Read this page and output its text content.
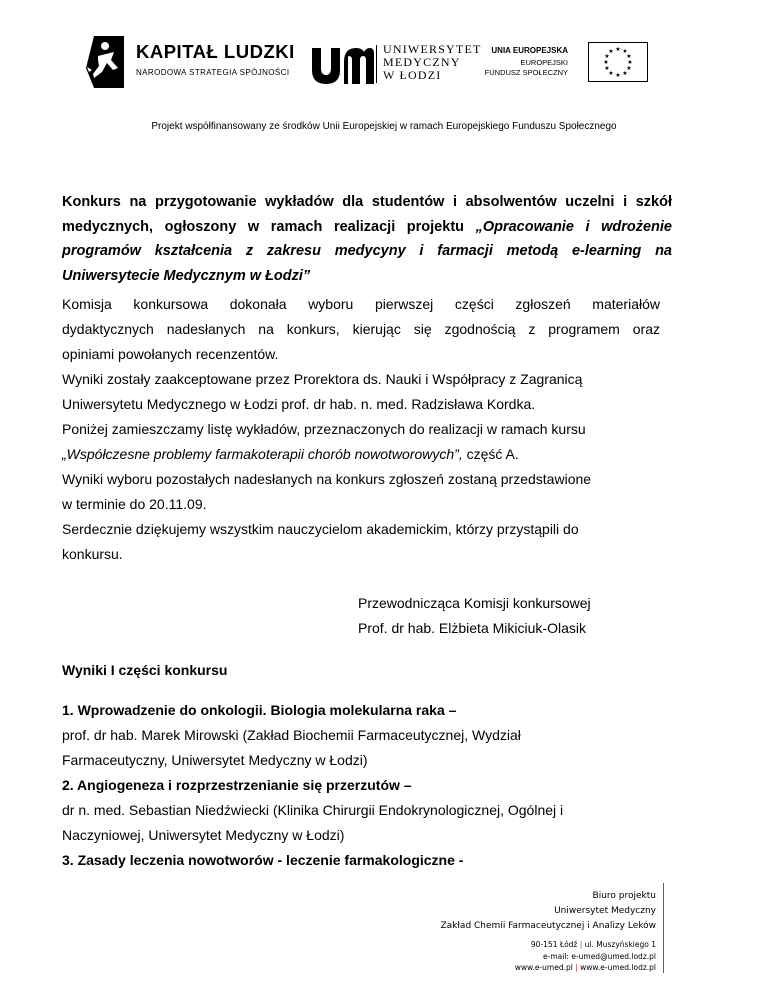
KAPITAŁ LUDZKI
NARODOWA STRATEGIA SPÓJNOŚCI
UNIWERSYTET
MEDYCZNY
W ŁODZI
UNIA EUROPEJSKA
EUROPEJSKI
FUNDUSZ SPOŁECZNY
★ ★
★
★
★
★
★
★
★
★
★
★
Projekt współfinansowany ze środków Unii Europejskiej w ramach Europejskiego Funduszu Społecznego
Konkurs na przygotowanie wykładów dla studentów i absolwentów uczelni i szkół medycznych, ogłoszony w ramach realizacji projektu „Opracowanie i wdrożenie programów kształcenia z zakresu medycyny i farmacji metodą e-learning na Uniwersytecie Medycznym w Łodzi”
Komisja konkursowa dokonała wyboru pierwszej części zgłoszeń materiałów
dydaktycznych nadesłanych na konkurs, kierując się zgodnością z programem oraz
opiniami powołanych recenzentów.
Wyniki zostały zaakceptowane przez Prorektora ds. Nauki i Współpracy z Zagranicą
Uniwersytetu Medycznego w Łodzi prof. dr hab. n. med. Radzisława Kordka.
Poniżej zamieszczamy listę wykładów, przeznaczonych do realizacji w ramach kursu
„Współczesne problemy farmakoterapii chorób nowotworowych”, część A.
Wyniki wyboru pozostałych nadesłanych na konkurs zgłoszeń zostaną przedstawione
w terminie do 20.11.09.
Serdecznie dziękujemy wszystkim nauczycielom akademickim, którzy przystąpili do
konkursu.
Przewodnicząca Komisji konkursowej
Prof. dr hab. Elżbieta Mikiciuk-Olasik
Wyniki I części konkursu
1. Wprowadzenie do onkologii. Biologia molekularna raka –
prof. dr hab. Marek Mirowski (Zakład Biochemii Farmaceutycznej, Wydział
Farmaceutyczny, Uniwersytet Medyczny w Łodzi)
2. Angiogeneza i rozprzestrzenianie się przerzutów –
dr n. med. Sebastian Niedźwiecki (Klinika Chirurgii Endokrynologicznej, Ogólnej i
Naczyniowej, Uniwersytet Medyczny w Łodzi)
3. Zasady leczenia nowotworów - leczenie farmakologiczne -
Biuro projektu
Uniwersytet Medyczny
Zakład Chemii Farmaceutycznej i Analizy Leków
90-151 Łódź | ul. Muszyńskiego 1
e-mail: e-umed@umed.lodz.pl
www.e-umed.pl | www.e-umed.lodz.pl
